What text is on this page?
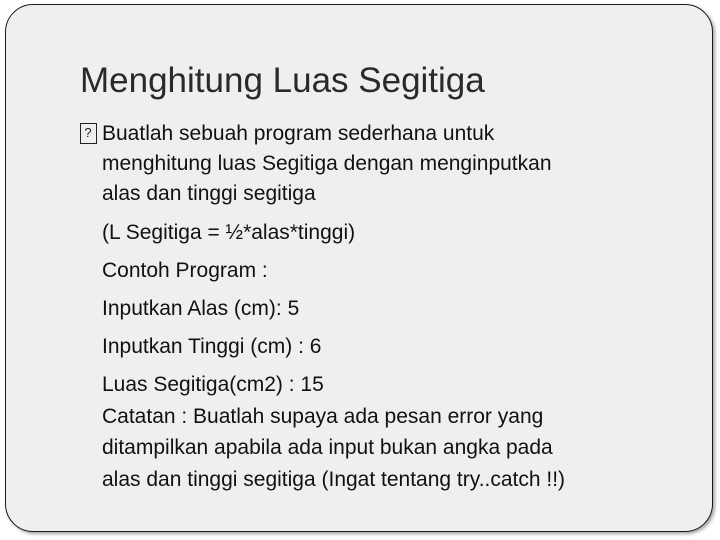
Menghitung Luas Segitiga
? Buatlah sebuah program sederhana untuk
menghitung luas Segitiga dengan menginputkan
alas dan tinggi segitiga
(L Segitiga = ½*alas*tinggi)
Contoh Program :
Inputkan Alas (cm): 5
Inputkan Tinggi (cm) : 6
Luas Segitiga(cm2) : 15
Catatan : Buatlah supaya ada pesan error yang
ditampilkan apabila ada input bukan angka pada
alas dan tinggi segitiga (Ingat tentang try..catch !!)
